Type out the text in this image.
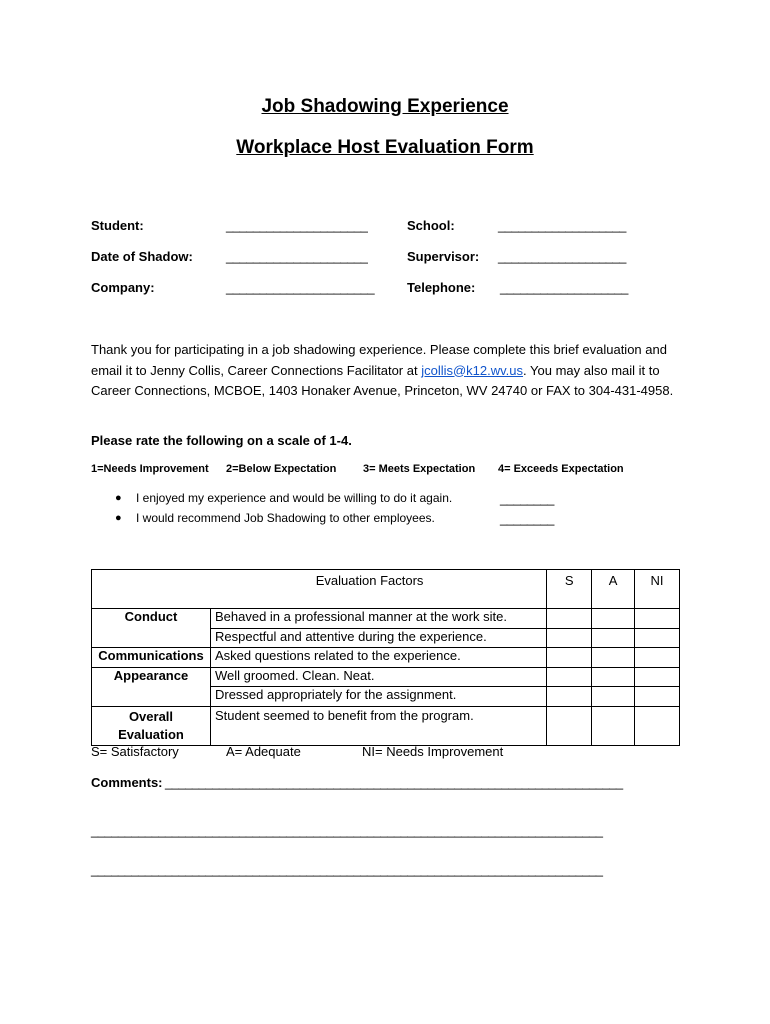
Job Shadowing Experience
Workplace Host Evaluation Form
Student:	_____________________	School:	___________________
Date of Shadow:	_____________________	Supervisor: ___________________
Company:	______________________	Telephone: ___________________
Thank you for participating in a job shadowing experience. Please complete this brief evaluation and email it to Jenny Collis, Career Connections Facilitator at jcollis@k12.wv.us. You may also mail it to Career Connections, MCBOE, 1403 Honaker Avenue, Princeton, WV 24740 or FAX to 304-431-4958.
Please rate the following on a scale of 1-4.
1=Needs Improvement 2=Below Expectation 3= Meets Expectation 4= Exceeds Expectation
● I enjoyed my experience and would be willing to do it again.	________
● I would recommend Job Shadowing to other employees.	________
Evaluation Factors		S	A	NI
Conduct	Behaved in a professional manner at the work site.			
	Respectful and attentive during the experience.			
Communications	Asked questions related to the experience.			
Appearance	Well groomed. Clean. Neat.			
	Dressed appropriately for the assignment.			
Overall Evaluation	Student seemed to benefit from the program.			
S= Satisfactory	A= Adequate	NI= Needs Improvement
Comments: ____________________________________________________________________
____________________________________________________________________________
____________________________________________________________________________
